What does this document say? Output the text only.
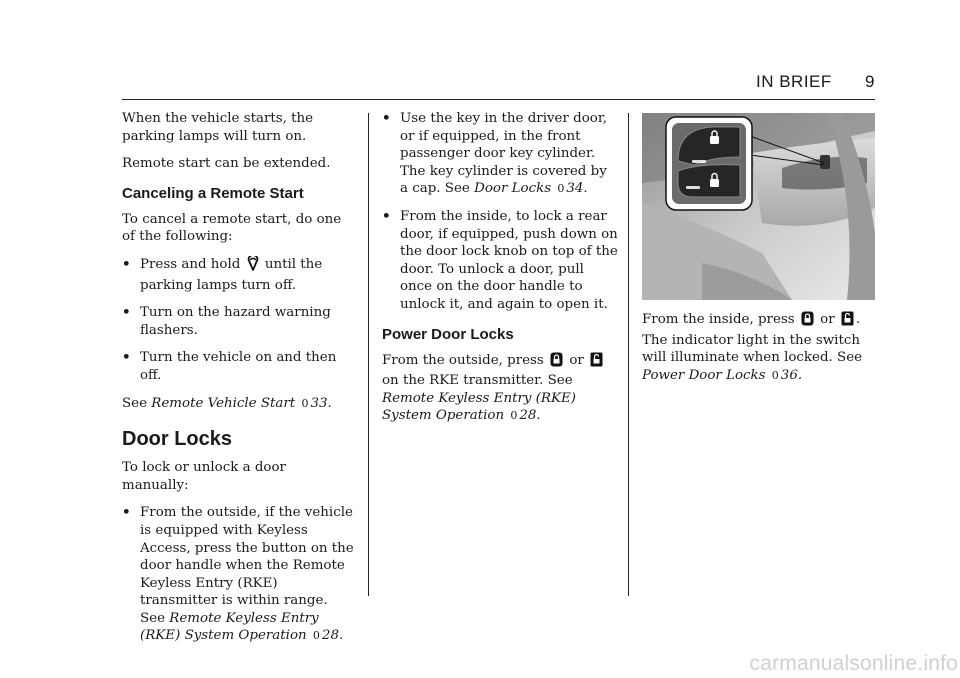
IN BRIEF 9

When the vehicle starts, the parking lamps will turn on.

Remote start can be extended.

Canceling a Remote Start

To cancel a remote start, do one of the following:

• Press and hold until the parking lamps turn off.
• Turn on the hazard warning flashers.
• Turn the vehicle on and then off.

See Remote Vehicle Start 0 33.

Door Locks

To lock or unlock a door manually:

• From the outside, if the vehicle is equipped with Keyless Access, press the button on the door handle when the Remote Keyless Entry (RKE) transmitter is within range. See Remote Keyless Entry (RKE) System Operation 0 28.
• Use the key in the driver door, or if equipped, in the front passenger door key cylinder. The key cylinder is covered by a cap. See Door Locks 0 34.
• From the inside, to lock a rear door, if equipped, push down on the door lock knob on top of the door. To unlock a door, pull once on the door handle to unlock it, and again to open it.
Power Door Locks

From the outside, press or  on the RKE transmitter. See Remote Keyless Entry (RKE) System Operation 0 28.

From the inside, press or . The indicator light in the switch will illuminate when locked. See Power Door Locks 0 36.

carmanualsonline.info
